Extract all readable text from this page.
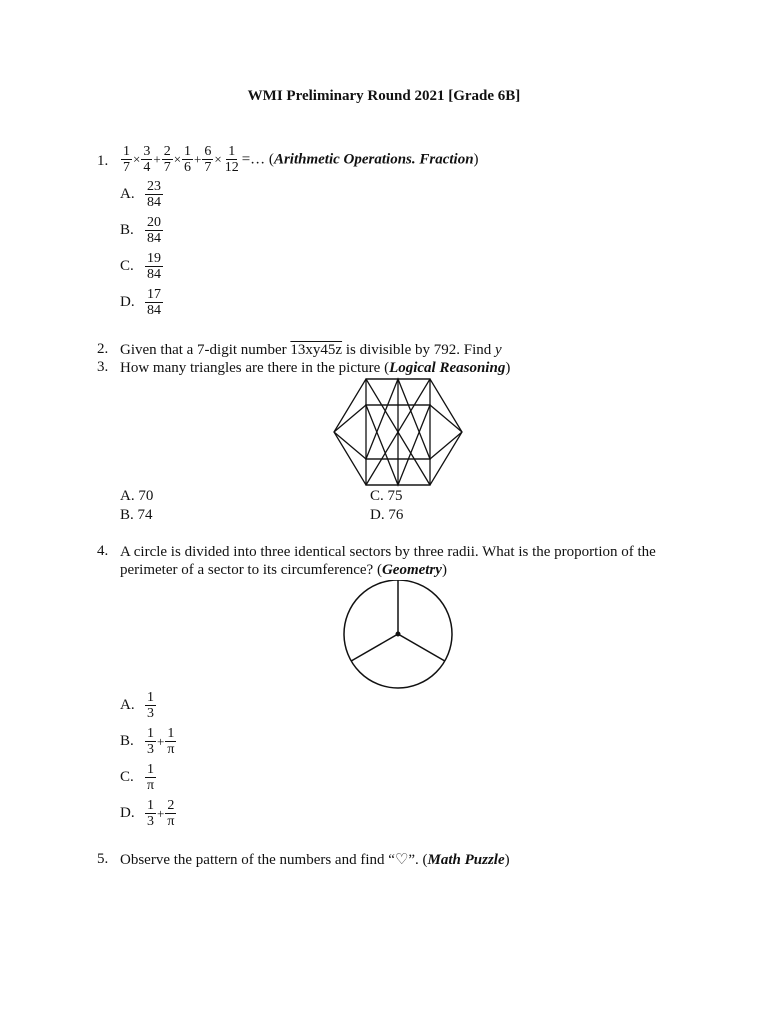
WMI Preliminary Round 2021 [Grade 6B]
1. $\frac{1}{7} \times \frac{3}{4} + \frac{2}{7} \times \frac{1}{6} + \frac{6}{7} \times \frac{1}{12}$ =… (Arithmetic Operations. Fraction)
A. $\frac{23}{84}$
B. $\frac{20}{84}$
C. $\frac{19}{84}$
D. $\frac{17}{84}$
2. Given that a 7-digit number 13xy45z is divisible by 792. Find y
3. How many triangles are there in the picture (Logical Reasoning)
A. 70
B. 74
C. 75
D. 76
4. A circle is divided into three identical sectors by three radii. What is the proportion of the
perimeter of a sector to its circumference? (Geometry)
A. $\frac{1}{3}$
B. $\frac{1}{3} + \frac{1}{\pi}$
C. $\frac{1}{\pi}$
D. $\frac{1}{3} + \frac{2}{\pi}$
5. Observe the pattern of the numbers and find “♡”. (Math Puzzle)
